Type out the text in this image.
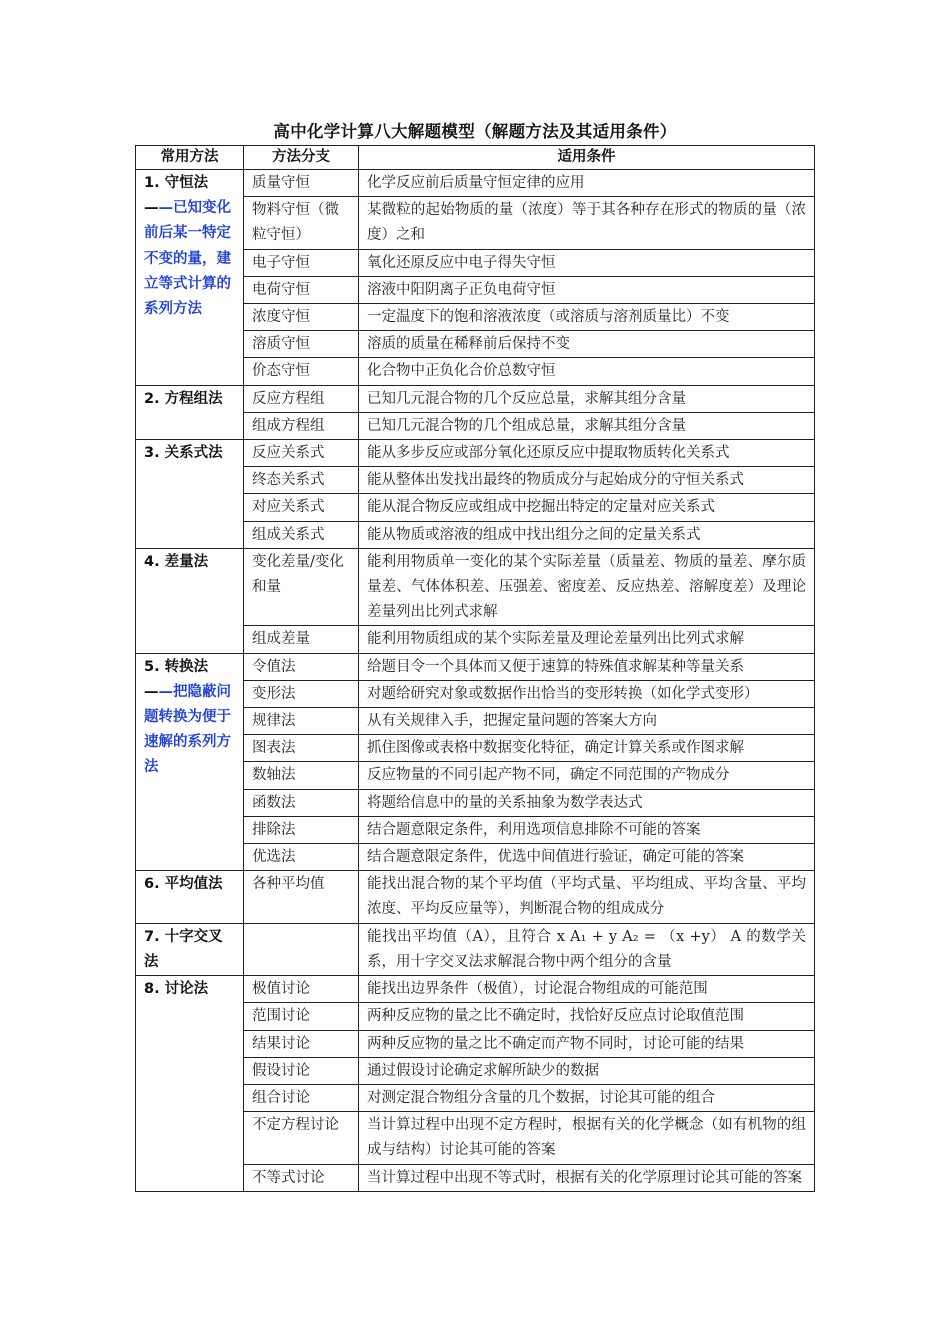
高中化学计算八大解题模型（解题方法及其适用条件）
常用方法	方法分支	适用条件
1. 守恒法——已知变化前后某一特定不变的量，建立等式计算的系列方法	质量守恒	化学反应前后质量守恒定律的应用
	物料守恒（微粒守恒）	某微粒的起始物质的量（浓度）等于其各种存在形式的物质的量（浓度）之和
	电子守恒	氧化还原反应中电子得失守恒
	电荷守恒	溶液中阳阴离子正负电荷守恒
	浓度守恒	一定温度下的饱和溶液浓度（或溶质与溶剂质量比）不变
	溶质守恒	溶质的质量在稀释前后保持不变
	价态守恒	化合物中正负化合价总数守恒
2. 方程组法	反应方程组	已知几元混合物的几个反应总量，求解其组分含量
	组成方程组	已知几元混合物的几个组成总量，求解其组分含量
3. 关系式法	反应关系式	能从多步反应或部分氧化还原反应中提取物质转化关系式
	终态关系式	能从整体出发找出最终的物质成分与起始成分的守恒关系式
	对应关系式	能从混合物反应或组成中挖掘出特定的定量对应关系式
	组成关系式	能从物质或溶液的组成中找出组分之间的定量关系式
4. 差量法	变化差量/变化和量	能利用物质单一变化的某个实际差量（质量差、物质的量差、摩尔质量差、气体体积差、压强差、密度差、反应热差、溶解度差）及理论差量列出比列式求解
	组成差量	能利用物质组成的某个实际差量及理论差量列出比列式求解
5. 转换法——把隐蔽问题转换为便于速解的系列方法	令值法	给题目令一个具体而又便于速算的特殊值求解某种等量关系
	变形法	对题给研究对象或数据作出恰当的变形转换（如化学式变形）
	规律法	从有关规律入手，把握定量问题的答案大方向
	图表法	抓住图像或表格中数据变化特征，确定计算关系或作图求解
	数轴法	反应物量的不同引起产物不同，确定不同范围的产物成分
	函数法	将题给信息中的量的关系抽象为数学表达式
	排除法	结合题意限定条件，利用选项信息排除不可能的答案
	优选法	结合题意限定条件，优选中间值进行验证，确定可能的答案
6. 平均值法	各种平均值	能找出混合物的某个平均值（平均式量、平均组成、平均含量、平均浓度、平均反应量等），判断混合物的组成成分
7. 十字交叉法		能找出平均值（A），且符合 x A₁ + y A₂ = （x +y） A 的数学关系，用十字交叉法求解混合物中两个组分的含量
8. 讨论法	极值讨论	能找出边界条件（极值），讨论混合物组成的可能范围
	范围讨论	两种反应物的量之比不确定时，找恰好反应点讨论取值范围
	结果讨论	两种反应物的量之比不确定而产物不同时，讨论可能的结果
	假设讨论	通过假设讨论确定求解所缺少的数据
	组合讨论	对测定混合物组分含量的几个数据，讨论其可能的组合
	不定方程讨论	当计算过程中出现不定方程时，根据有关的化学概念（如有机物的组成与结构）讨论其可能的答案
	不等式讨论	当计算过程中出现不等式时，根据有关的化学原理讨论其可能的答案
